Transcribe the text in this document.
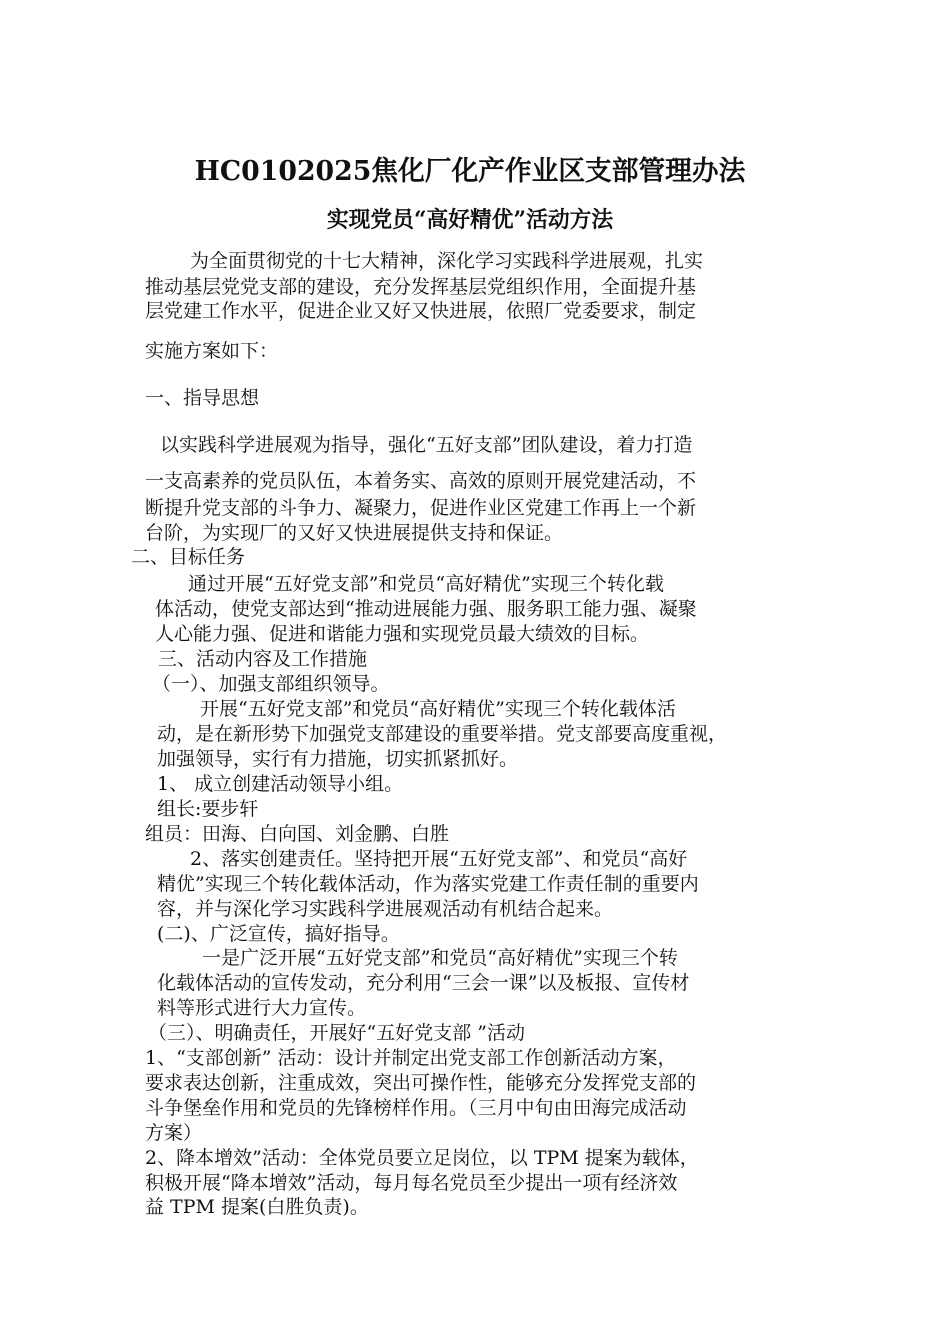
HC0102025焦化厂化产作业区支部管理办法
实现党员“高好精优”活动方法
为全面贯彻党的十七大精神，深化学习实践科学进展观，扎实
推动基层党党支部的建设，充分发挥基层党组织作用，全面提升基
层党建工作水平，促进企业又好又快进展，依照厂党委要求，制定
实施方案如下：
一、指导思想
以实践科学进展观为指导，强化“五好支部”团队建设，着力打造
一支高素养的党员队伍，本着务实、高效的原则开展党建活动，不
断提升党支部的斗争力、凝聚力，促进作业区党建工作再上一个新
台阶，为实现厂的又好又快进展提供支持和保证。
二、目标任务
通过开展“五好党支部”和党员“高好精优”实现三个转化载
体活动，使党支部达到“推动进展能力强、服务职工能力强、凝聚
人心能力强、促进和谐能力强和实现党员最大绩效的目标。
三、活动内容及工作措施
（一）、加强支部组织领导。
开展“五好党支部”和党员“高好精优”实现三个转化载体活
动，是在新形势下加强党支部建设的重要举措。党支部要高度重视，
加强领导，实行有力措施，切实抓紧抓好。
1、 成立创建活动领导小组。
组长:要步轩
组员：田海、白向国、刘金鹏、白胜
2、落实创建责任。坚持把开展“五好党支部”、和党员“高好
精优”实现三个转化载体活动，作为落实党建工作责任制的重要内
容，并与深化学习实践科学进展观活动有机结合起来。
(二)、广泛宣传，搞好指导。
一是广泛开展“五好党支部”和党员“高好精优”实现三个转
化载体活动的宣传发动，充分利用“三会一课”以及板报、宣传材
料等形式进行大力宣传。
（三）、明确责任，开展好“五好党支部 ”活动
1、“支部创新” 活动：设计并制定出党支部工作创新活动方案，
要求表达创新，注重成效，突出可操作性，能够充分发挥党支部的
斗争堡垒作用和党员的先锋榜样作用。（三月中旬由田海完成活动
方案）
2、降本增效”活动：全体党员要立足岗位，以 TPM 提案为载体，
积极开展“降本增效”活动，每月每名党员至少提出一项有经济效
益 TPM 提案(白胜负责)。
